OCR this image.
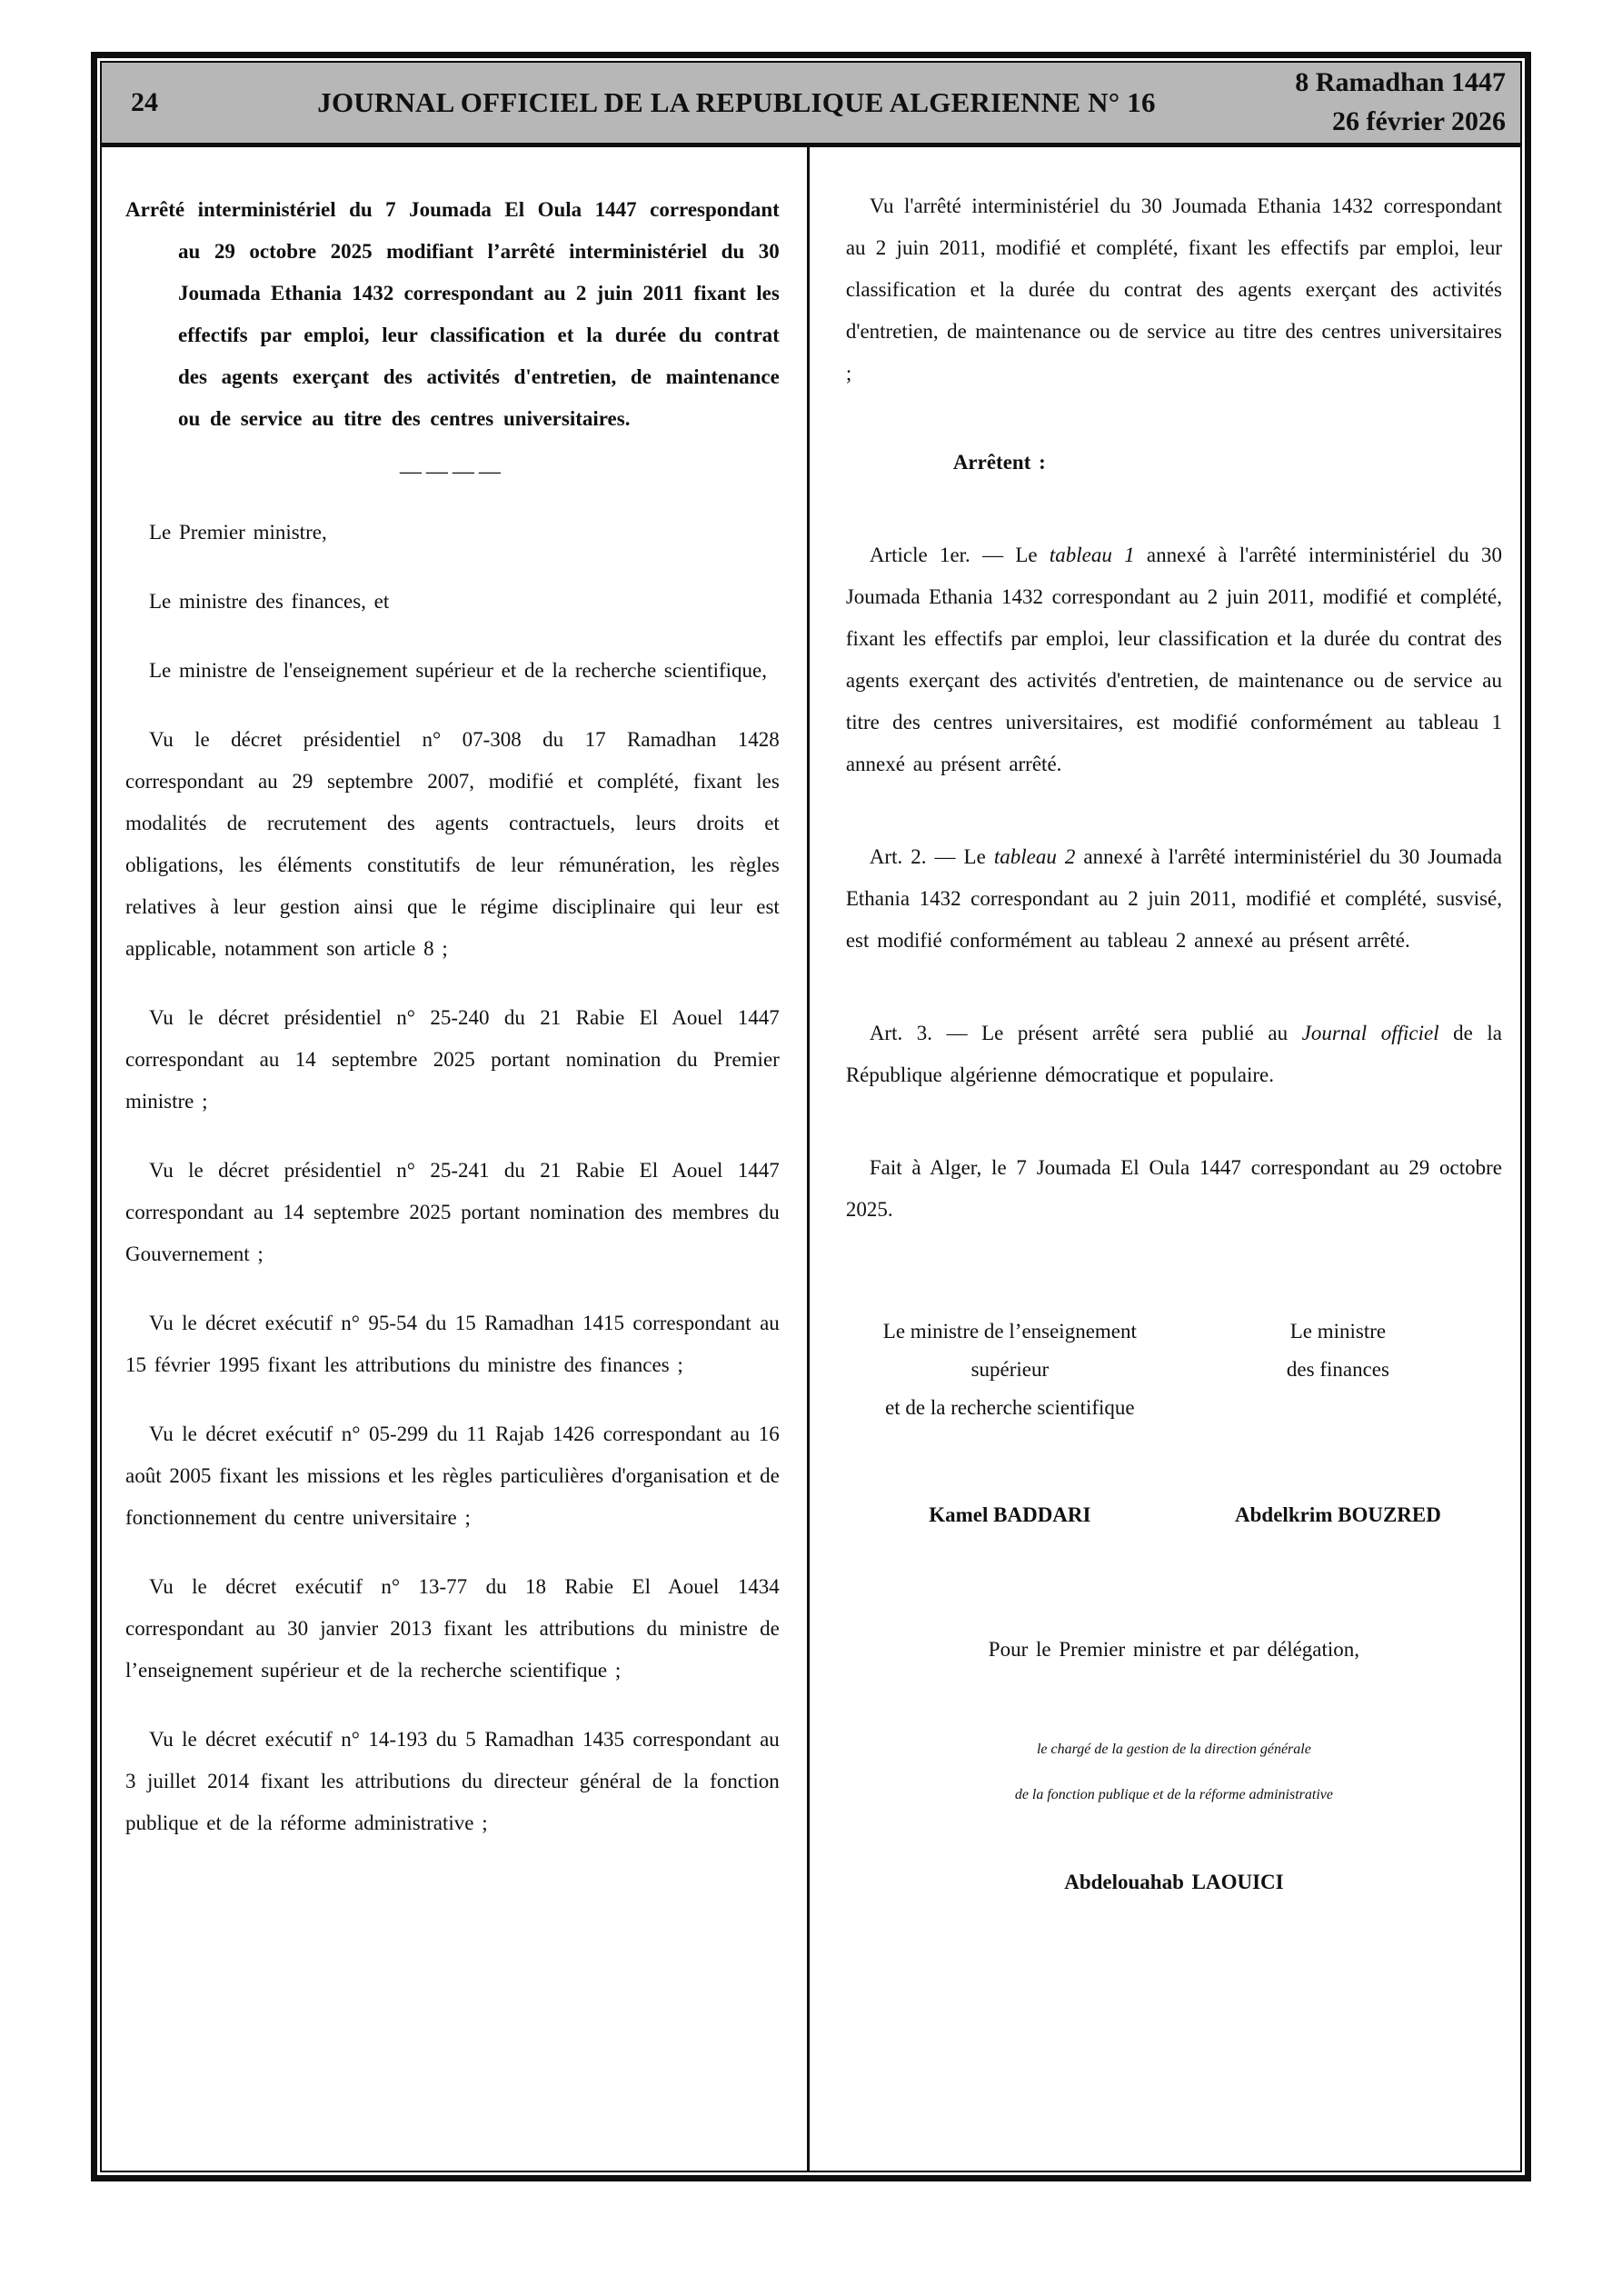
24	JOURNAL OFFICIEL DE LA REPUBLIQUE ALGERIENNE N° 16
8 Ramadhan 1447
26 février 2026

Arrêté interministériel du 7 Joumada El Oula 1447 correspondant au 29 octobre 2025 modifiant l’arrêté interministériel du 30 Joumada Ethania 1432 correspondant au 2 juin 2011 fixant les effectifs par emploi, leur classification et la durée du contrat des agents exerçant des activités d'entretien, de maintenance ou de service au titre des centres universitaires.

————

Le Premier ministre,

Le ministre des finances, et

Le ministre de l'enseignement supérieur et de la recherche scientifique,

Vu le décret présidentiel n° 07-308 du 17 Ramadhan 1428 correspondant au 29 septembre 2007, modifié et complété, fixant les modalités de recrutement des agents contractuels, leurs droits et obligations, les éléments constitutifs de leur rémunération, les règles relatives à leur gestion ainsi que le régime disciplinaire qui leur est applicable, notamment son article 8 ;

Vu le décret présidentiel n° 25-240 du 21 Rabie El Aouel 1447 correspondant au 14 septembre 2025 portant nomination du Premier ministre ;

Vu le décret présidentiel n° 25-241 du 21 Rabie El Aouel 1447 correspondant au 14 septembre 2025 portant nomination des membres du Gouvernement ;

Vu le décret exécutif n° 95-54 du 15 Ramadhan 1415 correspondant au 15 février 1995 fixant les attributions du ministre des finances ;

Vu le décret exécutif n° 05-299 du 11 Rajab 1426 correspondant au 16 août 2005 fixant les missions et les règles particulières d'organisation et de fonctionnement du centre universitaire ;

Vu le décret exécutif n° 13-77 du 18 Rabie El Aouel 1434 correspondant au 30 janvier 2013 fixant les attributions du ministre de l’enseignement supérieur et de la recherche scientifique ;

Vu le décret exécutif n° 14-193 du 5 Ramadhan 1435 correspondant au 3 juillet 2014 fixant les attributions du directeur général de la fonction publique et de la réforme administrative ;

Vu l'arrêté interministériel du 30 Joumada Ethania 1432 correspondant au 2 juin 2011, modifié et complété, fixant les effectifs par emploi, leur classification et la durée du contrat des agents exerçant des activités d'entretien, de maintenance ou de service au titre des centres universitaires ;

Arrêtent :

Article 1er. — Le tableau 1 annexé à l'arrêté interministériel du 30 Joumada Ethania 1432 correspondant au 2 juin 2011, modifié et complété, fixant les effectifs par emploi, leur classification et la durée du contrat des agents exerçant des activités d'entretien, de maintenance ou de service au titre des centres universitaires, est modifié conformément au tableau 1 annexé au présent arrêté.

Art. 2. — Le tableau 2 annexé à l'arrêté interministériel du 30 Joumada Ethania 1432 correspondant au 2 juin 2011, modifié et complété, susvisé, est modifié conformément au tableau 2 annexé au présent arrêté.

Art. 3. — Le présent arrêté sera publié au Journal officiel de la République algérienne démocratique et populaire.

Fait à Alger, le 7 Joumada El Oula 1447 correspondant au 29 octobre 2025.

Le ministre de l’enseignement
supérieur
et de la recherche scientifique
Le ministre
des finances
Kamel BADDARI	Abdelkrim BOUZRED

Pour le Premier ministre et par délégation,

le chargé de la gestion de la direction générale
de la fonction publique et de la réforme administrative

Abdelouahab LAOUICI
